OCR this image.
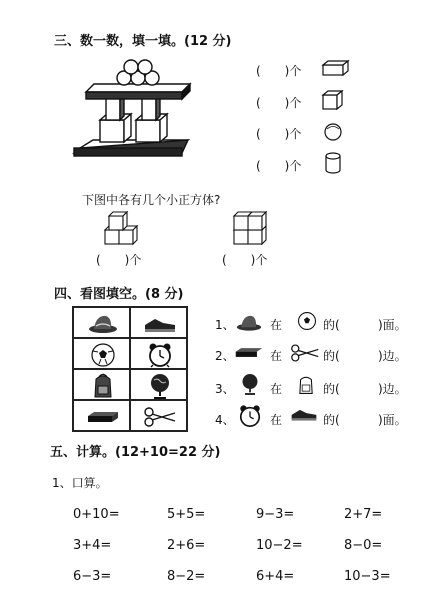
三、数一数，填一填。(12 分)
(　　)个
(　　)个
(　　)个
(　　)个
下图中各有几个小正方体?
(　　)个	(　　)个
四、看图填空。(8 分)
1、	在	的(	)面。
2、	在	的(	)边。
3、	在	的(	)边。
4、	在	的(	)面。
五、计算。(12+10=22 分)
1、口算。
0+10=	5+5=	9−3=	2+7=
3+4=	2+6=	10−2=	8−0=
6−3=	8−2=	6+4=	10−3=
